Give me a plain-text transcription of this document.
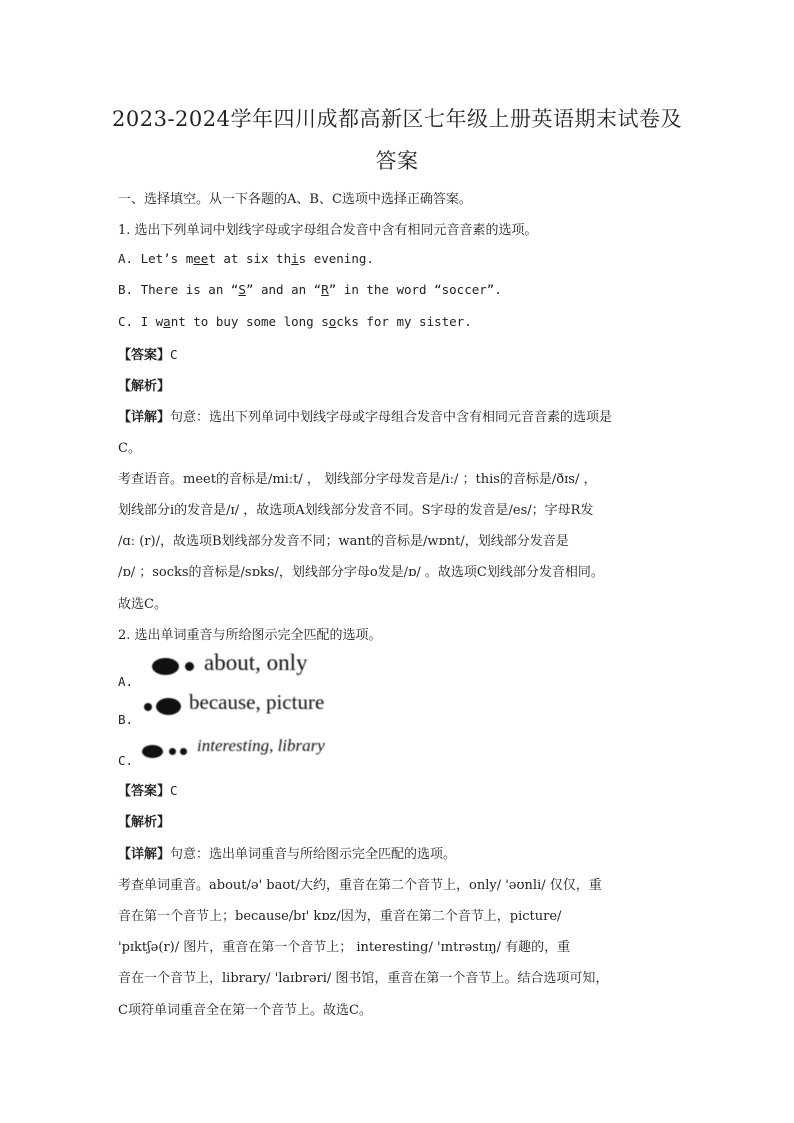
2023-2024学年四川成都高新区七年级上册英语期末试卷及
答案
一、选择填空。从一下各题的A、B、C选项中选择正确答案。
1. 选出下列单词中划线字母或字母组合发音中含有相同元音音素的选项。
A. Let’s meet at six this evening.
B. There is an “S” and an “R” in the word “soccer”.
C. I want to buy some long socks for my sister.
【答案】C
【解析】
【详解】句意：选出下列单词中划线字母或字母组合发音中含有相同元音音素的选项是
C。
考查语音。meet的音标是/miːt/ ， 划线部分字母发音是/iː/ ；this的音标是/ðɪs/ ，
划线部分i的发音是/ɪ/ ，故选项A划线部分发音不同。S字母的发音是/es/；字母R发
/ɑː (r)/，故选项B划线部分发音不同；want的音标是/wɒnt/，划线部分发音是
/ɒ/ ；socks的音标是/sɒks/，划线部分字母o发是/ɒ/ 。故选项C划线部分发音相同。
故选C。
2. 选出单词重音与所给图示完全匹配的选项。
A.
about, only
B.
because, picture
C.
interesting, library
【答案】C
【解析】
【详解】句意：选出单词重音与所给图示完全匹配的选项。
考查单词重音。about/ə' baʊt/大约，重音在第二个音节上，only/ 'əʊnli/ 仅仅，重
音在第一个音节上；because/bɪ' kɒz/因为，重音在第二个音节上，picture/
'pɪktʃə(r)/ 图片，重音在第一个音节上； interesting/ 'ɪntrəstɪŋ/ 有趣的，重
音在一个音节上，library/ 'laɪbrəri/ 图书馆，重音在第一个音节上。结合选项可知，
C项符单词重音全在第一个音节上。故选C。
